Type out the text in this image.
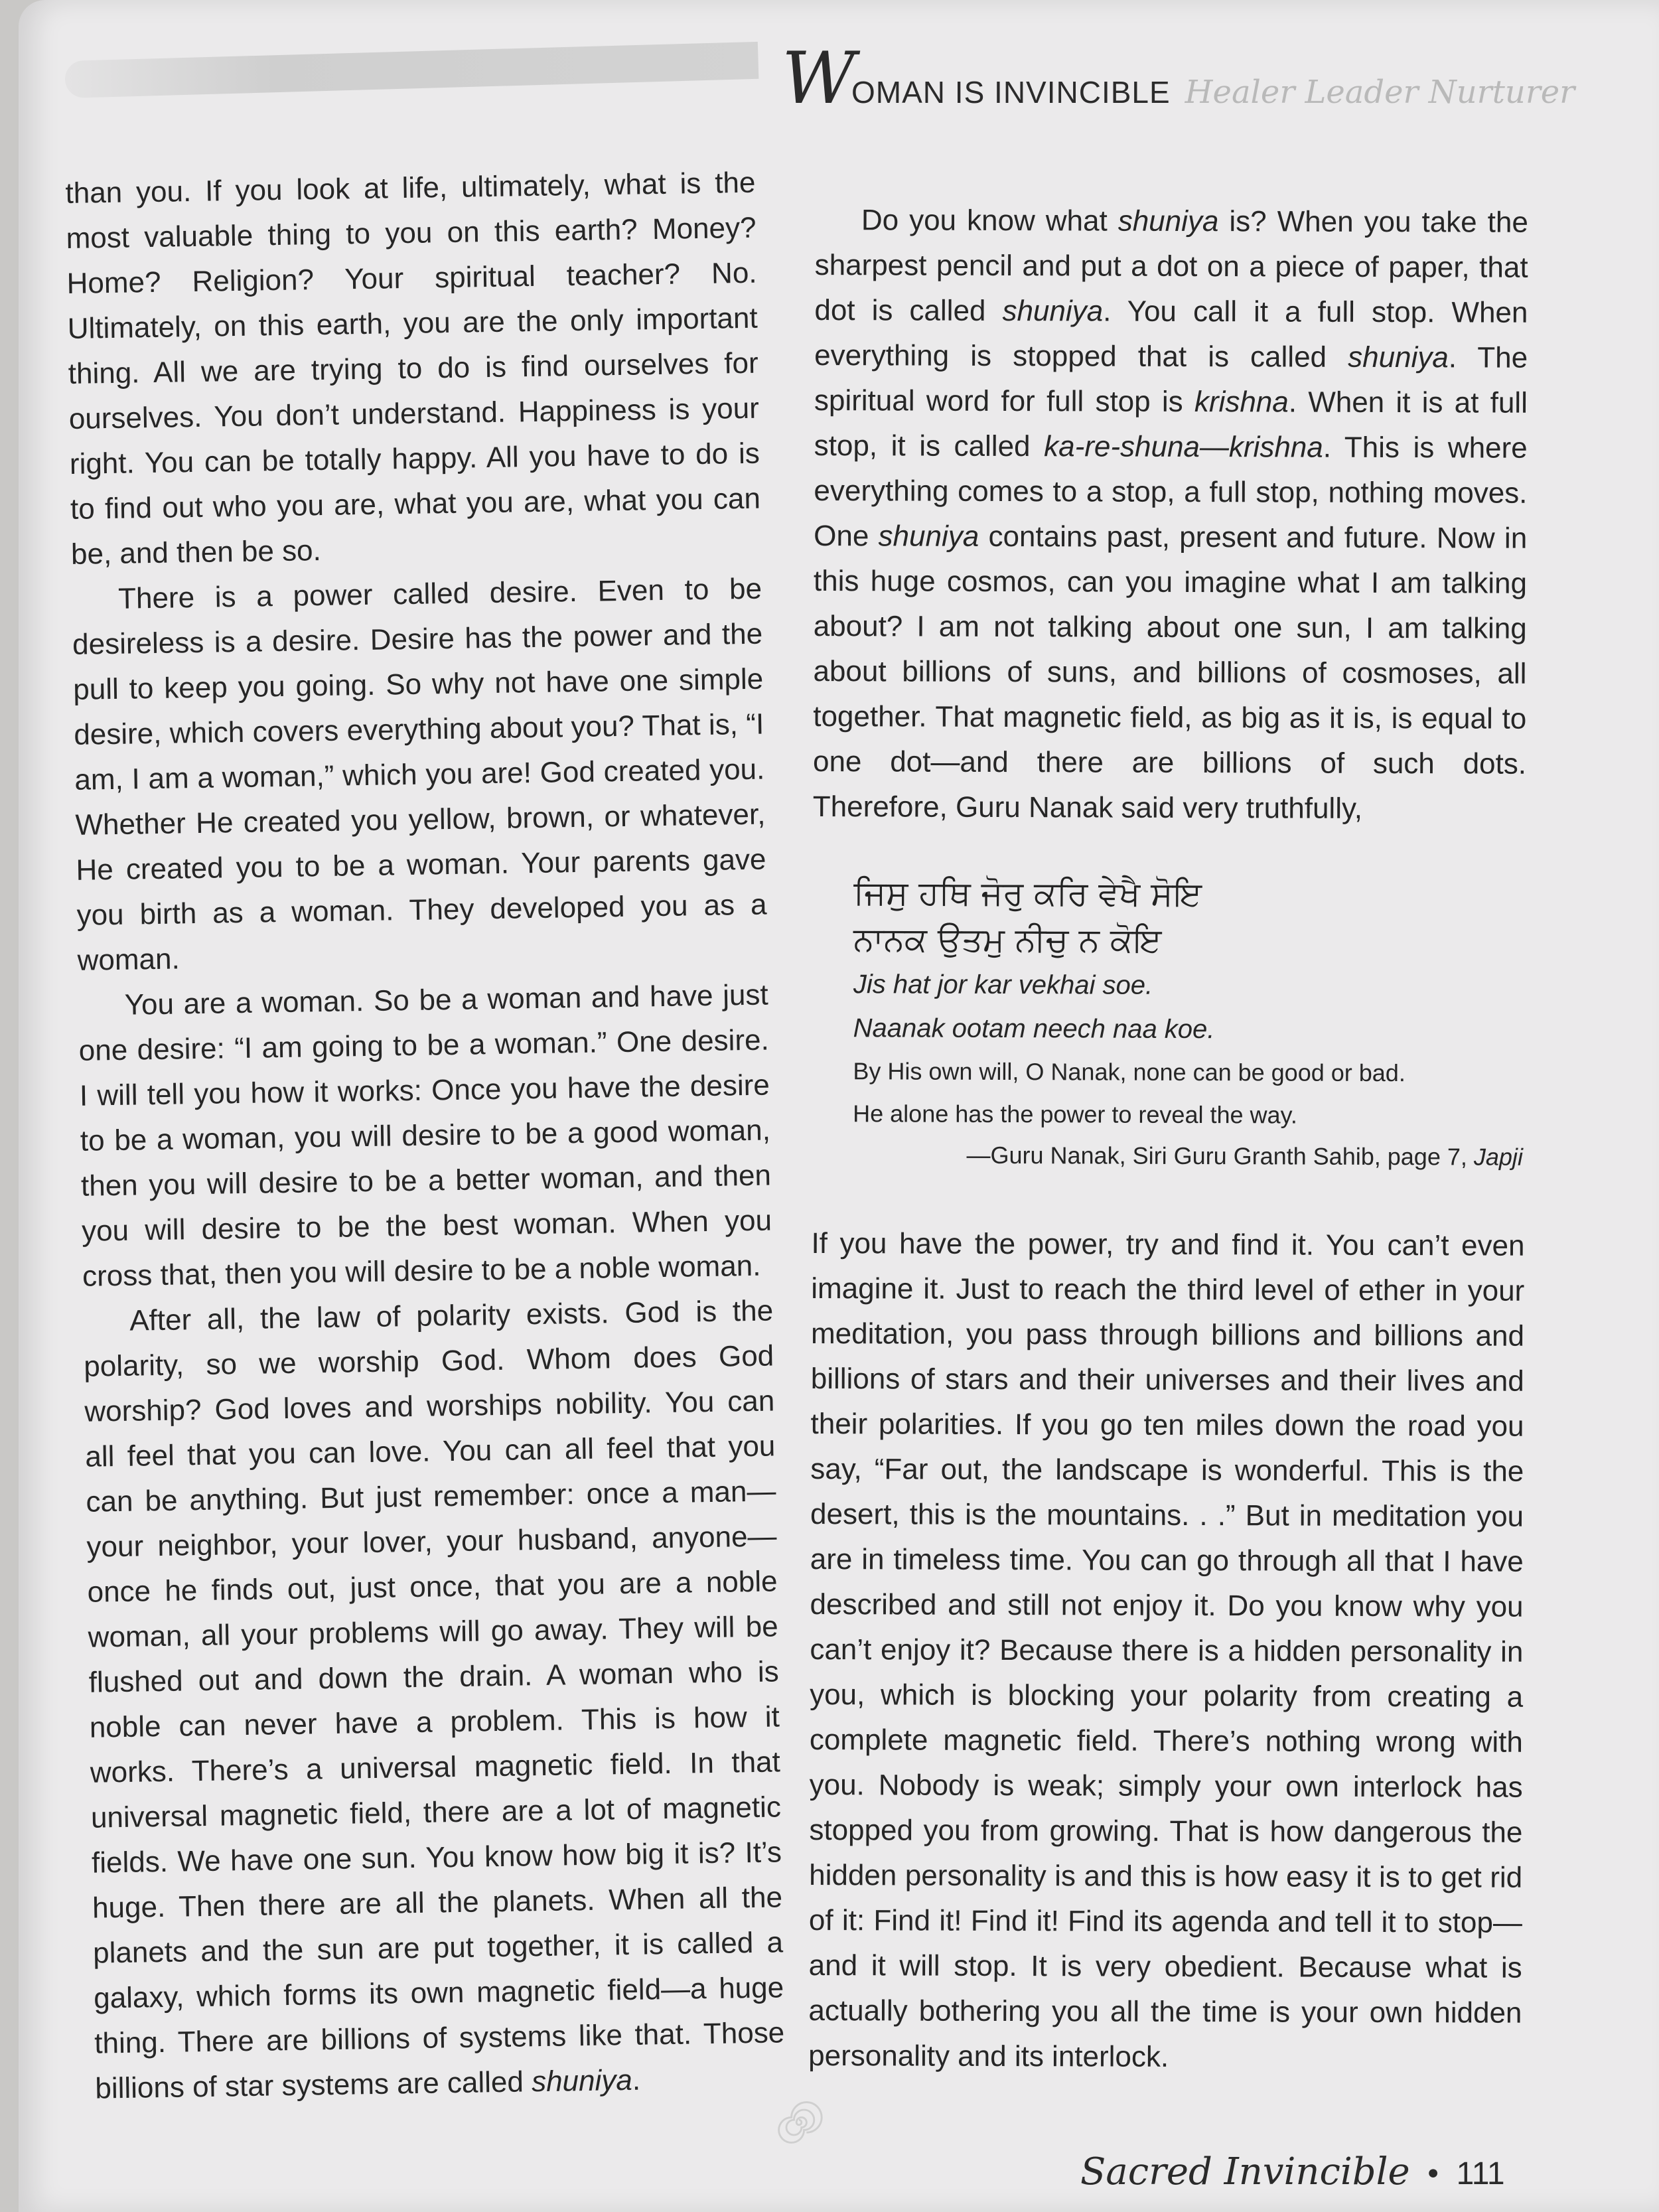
WOMAN IS INVINCIBLE Healer Leader Nurturer

than you. If you look at life, ultimately, what is the most valuable thing to you on this earth? Money? Home? Religion? Your spiritual teacher? No. Ultimately, on this earth, you are the only important thing. All we are trying to do is find ourselves for ourselves. You don’t understand. Happiness is your right. You can be totally happy. All you have to do is to find out who you are, what you are, what you can be, and then be so.

There is a power called desire. Even to be desireless is a desire. Desire has the power and the pull to keep you going. So why not have one simple desire, which covers everything about you? That is, “I am, I am a woman,” which you are! God created you. Whether He created you yellow, brown, or whatever, He created you to be a woman. Your parents gave you birth as a woman. They developed you as a woman.

You are a woman. So be a woman and have just one desire: “I am going to be a woman.” One desire. I will tell you how it works: Once you have the desire to be a woman, you will desire to be a good woman, then you will desire to be a better woman, and then you will desire to be the best woman. When you cross that, then you will desire to be a noble woman.

After all, the law of polarity exists. God is the polarity, so we worship God. Whom does God worship? God loves and worships nobility. You can all feel that you can love. You can all feel that you can be anything. But just remember: once a man—your neighbor, your lover, your husband, anyone—once he finds out, just once, that you are a noble woman, all your problems will go away. They will be flushed out and down the drain. A woman who is noble can never have a problem. This is how it works. There’s a universal magnetic field. In that universal magnetic field, there are a lot of magnetic fields. We have one sun. You know how big it is? It’s huge. Then there are all the planets. When all the planets and the sun are put together, it is called a galaxy, which forms its own magnetic field—a huge thing. There are billions of systems like that. Those billions of star systems are called shuniya.

Do you know what shuniya is? When you take the sharpest pencil and put a dot on a piece of paper, that dot is called shuniya. You call it a full stop. When everything is stopped that is called shuniya. The spiritual word for full stop is krishna. When it is at full stop, it is called ka-re-shuna—krishna. This is where everything comes to a stop, a full stop, nothing moves. One shuniya contains past, present and future. Now in this huge cosmos, can you imagine what I am talking about? I am not talking about one sun, I am talking about billions of suns, and billions of cosmoses, all together. That magnetic field, as big as it is, is equal to one dot—and there are billions of such dots. Therefore, Guru Nanak said very truthfully,

ਜਿਸੁ ਹਥਿ ਜੋਰੁ ਕਰਿ ਵੇਖੈ ਸੋਇ
ਨਾਨਕ ਉਤਮੁ ਨੀਚੁ ਨ ਕੋਇ
Jis hat jor kar vekhai soe.
Naanak ootam neech naa koe.
By His own will, O Nanak, none can be good or bad.
He alone has the power to reveal the way.
—Guru Nanak, Siri Guru Granth Sahib, page 7, Japji

If you have the power, try and find it. You can’t even imagine it. Just to reach the third level of ether in your meditation, you pass through billions and billions and billions of stars and their universes and their lives and their polarities. If you go ten miles down the road you say, “Far out, the landscape is wonderful. This is the desert, this is the mountains. . .” But in meditation you are in timeless time. You can go through all that I have described and still not enjoy it. Do you know why you can’t enjoy it? Because there is a hidden personality in you, which is blocking your polarity from creating a complete magnetic field. There’s nothing wrong with you. Nobody is weak; simply your own interlock has stopped you from growing. That is how dangerous the hidden personality is and this is how easy it is to get rid of it: Find it! Find it! Find its agenda and tell it to stop—and it will stop. It is very obedient. Because what is actually bothering you all the time is your own hidden personality and its interlock.

Sacred Invincible • 111
